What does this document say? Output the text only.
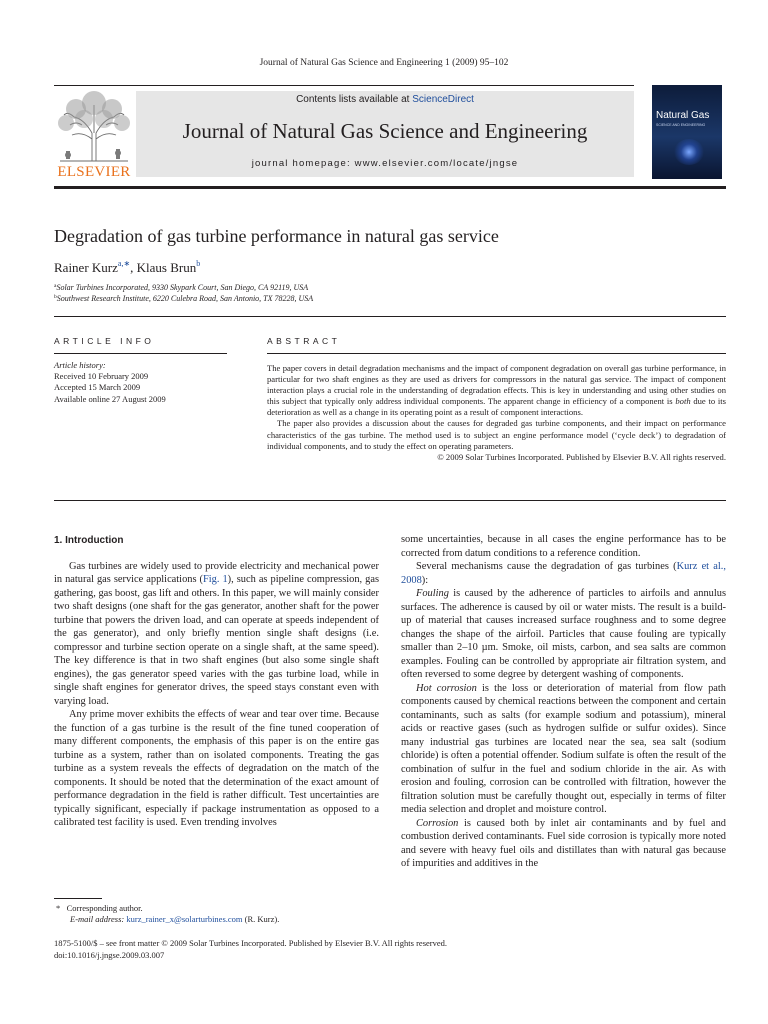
Journal of Natural Gas Science and Engineering 1 (2009) 95–102
ELSEVIER
Contents lists available at ScienceDirect
Journal of Natural Gas Science and Engineering
journal homepage: www.elsevier.com/locate/jngse
Natural Gas
SCIENCE AND ENGINEERING
Degradation of gas turbine performance in natural gas service
Rainer Kurz$^{a,∗}$, Klaus Brun$^b$
$^a$Solar Turbines Incorporated, 9330 Skypark Court, San Diego, CA 92119, USA
$^b$Southwest Research Institute, 6220 Culebra Road, San Antonio, TX 78228, USA
ARTICLE INFO	ABSTRACT
Article history:
Received 10 February 2009
Accepted 15 March 2009
Available online 27 August 2009

The paper covers in detail degradation mechanisms and the impact of component degradation on overall gas turbine performance, in particular for two shaft engines as they are used as drivers for compressors in the natural gas service. The impact of component interaction plays a crucial role in the understanding of degradation effects. This is key in understanding and using other studies on this subject that typically only address individual components. The apparent change in efficiency of a component is both due to its deterioration as well as a change in its operating point as a result of component interactions.

The paper also provides a discussion about the causes for degraded gas turbine components, and their impact on performance characteristics of the gas turbine. The method used is to subject an engine performance model (‘cycle deck’) to degradation of individual components, and to study the effect on operating parameters.

© 2009 Solar Turbines Incorporated. Published by Elsevier B.V. All rights reserved.

1. Introduction

Gas turbines are widely used to provide electricity and mechanical power in natural gas service applications (Fig. 1), such as pipeline compression, gas gathering, gas boost, gas lift and others. In this paper, we will mainly consider two shaft designs (one shaft for the gas generator, another shaft for the power turbine that powers the driven load, and can operate at speeds independent of the gas generator), and only briefly mention single shaft designs (i.e. compressor and turbine section operate on a single shaft, at the same speed). The key difference is that in two shaft engines (but also some single shaft engines), the gas generator speed varies with the gas turbine load, while in single shaft engines for generator drives, the speed stays constant even with varying load.

Any prime mover exhibits the effects of wear and tear over time. Because the function of a gas turbine is the result of the fine tuned cooperation of many different components, the emphasis of this paper is on the entire gas turbine as a system, rather than on isolated components. Treating the gas turbine as a system reveals the effects of degradation on the match of the components. It should be noted that the determination of the exact amount of performance degradation in the field is rather difficult. Test uncertainties are typically significant, especially if package instrumentation as opposed to a calibrated test facility is used. Even trending involves

some uncertainties, because in all cases the engine performance has to be corrected from datum conditions to a reference condition.

Several mechanisms cause the degradation of gas turbines (Kurz et al., 2008):

Fouling is caused by the adherence of particles to airfoils and annulus surfaces. The adherence is caused by oil or water mists. The result is a build-up of material that causes increased surface roughness and to some degree changes the shape of the airfoil. Particles that cause fouling are typically smaller than 2–10 µm. Smoke, oil mists, carbon, and sea salts are common examples. Fouling can be controlled by appropriate air filtration system, and often reversed to some degree by detergent washing of components.

Hot corrosion is the loss or deterioration of material from flow path components caused by chemical reactions between the component and certain contaminants, such as salts (for example sodium and potassium), mineral acids or reactive gases (such as hydrogen sulfide or sulfur oxides). Since many industrial gas turbines are located near the sea, sea salt (sodium chloride) is often a potential offender. Sodium sulfate is often the result of the combination of sulfur in the fuel and sodium chloride in the air. As with erosion and fouling, corrosion can be controlled with filtration, however the filtration solution must be carefully thought out, especially in terms of filter media selection and droplet and moisture control.

Corrosion is caused both by inlet air contaminants and by fuel and combustion derived contaminants. Fuel side corrosion is typically more noted and severe with heavy fuel oils and distillates than with natural gas because of impurities and additives in the

* Corresponding author.
E-mail address: kurz_rainer_x@solarturbines.com (R. Kurz).
1875-5100/$ – see front matter © 2009 Solar Turbines Incorporated. Published by Elsevier B.V. All rights reserved.
doi:10.1016/j.jngse.2009.03.007
